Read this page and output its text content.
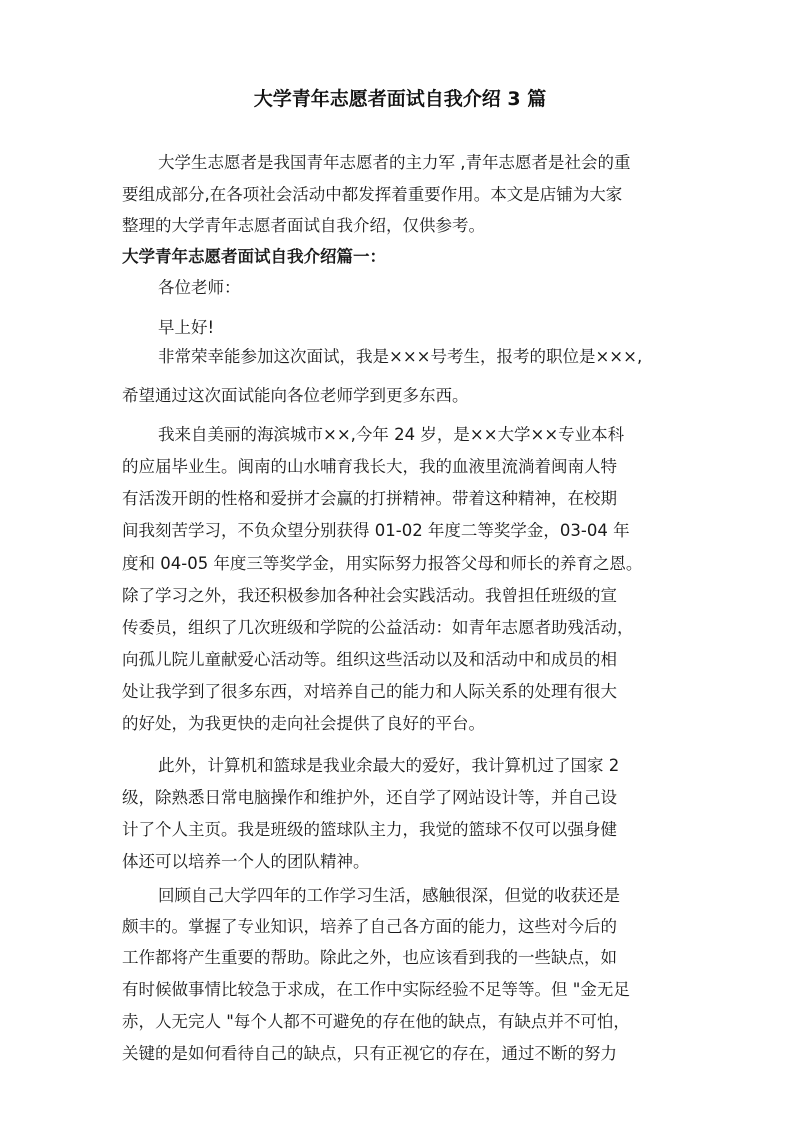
大学青年志愿者面试自我介绍 3 篇
大学生志愿者是我国青年志愿者的主力军 ,青年志愿者是社会的重
要组成部分,在各项社会活动中都发挥着重要作用。本文是店铺为大家
整理的大学青年志愿者面试自我介绍，仅供参考。
大学青年志愿者面试自我介绍篇一：
各位老师：
早上好!
非常荣幸能参加这次面试，我是×××号考生，报考的职位是×××,
希望通过这次面试能向各位老师学到更多东西。
我来自美丽的海滨城市××,今年 24 岁，是××大学××专业本科
的应届毕业生。闽南的山水哺育我长大，我的血液里流淌着闽南人特
有活泼开朗的性格和爱拼才会赢的打拼精神。带着这种精神，在校期
间我刻苦学习，不负众望分别获得 01-02 年度二等奖学金，03-04 年
度和 04-05 年度三等奖学金，用实际努力报答父母和师长的养育之恩。
除了学习之外，我还积极参加各种社会实践活动。我曾担任班级的宣
传委员，组织了几次班级和学院的公益活动：如青年志愿者助残活动，
向孤儿院儿童献爱心活动等。组织这些活动以及和活动中和成员的相
处让我学到了很多东西，对培养自己的能力和人际关系的处理有很大
的好处，为我更快的走向社会提供了良好的平台。
此外，计算机和篮球是我业余最大的爱好，我计算机过了国家 2
级，除熟悉日常电脑操作和维护外，还自学了网站设计等，并自己设
计了个人主页。我是班级的篮球队主力，我觉的篮球不仅可以强身健
体还可以培养一个人的团队精神。
回顾自己大学四年的工作学习生活，感触很深，但觉的收获还是
颇丰的。掌握了专业知识，培养了自己各方面的能力，这些对今后的
工作都将产生重要的帮助。除此之外，也应该看到我的一些缺点，如
有时候做事情比较急于求成，在工作中实际经验不足等等。但 "金无足
赤，人无完人 "每个人都不可避免的存在他的缺点，有缺点并不可怕，
关键的是如何看待自己的缺点，只有正视它的存在，通过不断的努力
